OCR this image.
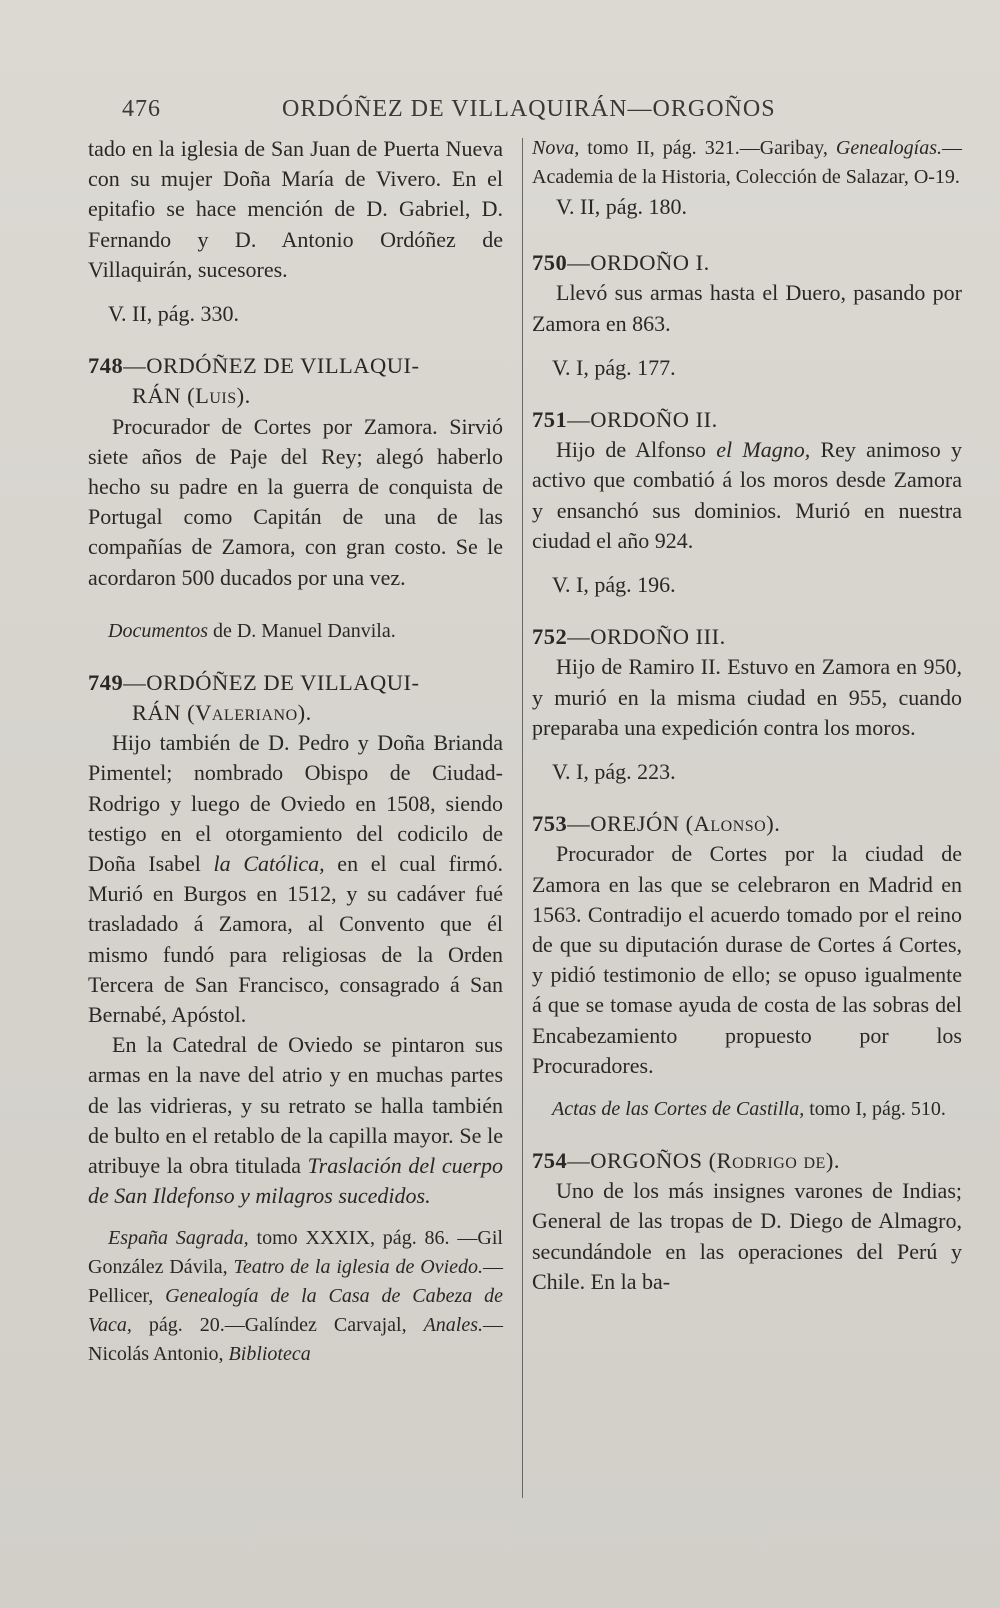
476	ORDÓÑEZ DE VILLAQUIRÁN—ORGOÑOS

tado en la iglesia de San Juan de Puerta Nueva con su mujer Doña María de Vivero. En el epitafio se hace mención de D. Gabriel, D. Fernando y D. Antonio Ordóñez de Villaquirán, sucesores.

V. II, pág. 330.

748—ORDÓÑEZ DE VILLAQUI-
RÁN (Luis).

Procurador de Cortes por Zamora. Sirvió siete años de Paje del Rey; alegó haberlo hecho su padre en la guerra de conquista de Portugal como Capitán de una de las compañías de Zamora, con gran costo. Se le acordaron 500 ducados por una vez.

Documentos de D. Manuel Danvila.

749—ORDÓÑEZ DE VILLAQUI-
RÁN (Valeriano).

Hijo también de D. Pedro y Doña Brianda Pimentel; nombrado Obispo de Ciudad-Rodrigo y luego de Oviedo en 1508, siendo testigo en el otorgamiento del codicilo de Doña Isabel la Católica, en el cual firmó. Murió en Burgos en 1512, y su cadáver fué trasladado á Zamora, al Convento que él mismo fundó para religiosas de la Orden Tercera de San Francisco, consagrado á San Bernabé, Apóstol.

En la Catedral de Oviedo se pintaron sus armas en la nave del atrio y en muchas partes de las vidrieras, y su retrato se halla también de bulto en el retablo de la capilla mayor. Se le atribuye la obra titulada Traslación del cuerpo de San Ildefonso y milagros sucedidos.

España Sagrada, tomo XXXIX, pág. 86. —Gil González Dávila, Teatro de la iglesia de Oviedo.—Pellicer, Genealogía de la Casa de Cabeza de Vaca, pág. 20.—Galíndez Carvajal, Anales.—Nicolás Antonio, Biblioteca

Nova, tomo II, pág. 321.—Garibay, Genealogías.—Academia de la Historia, Colección de Salazar, O-19.

V. II, pág. 180.

750—ORDOÑO I.

Llevó sus armas hasta el Duero, pasando por Zamora en 863.

V. I, pág. 177.

751—ORDOÑO II.

Hijo de Alfonso el Magno, Rey animoso y activo que combatió á los moros desde Zamora y ensanchó sus dominios. Murió en nuestra ciudad el año 924.

V. I, pág. 196.

752—ORDOÑO III.

Hijo de Ramiro II. Estuvo en Zamora en 950, y murió en la misma ciudad en 955, cuando preparaba una expedición contra los moros.

V. I, pág. 223.

753—OREJÓN (Alonso).

Procurador de Cortes por la ciudad de Zamora en las que se celebraron en Madrid en 1563. Contradijo el acuerdo tomado por el reino de que su diputación durase de Cortes á Cortes, y pidió testimonio de ello; se opuso igualmente á que se tomase ayuda de costa de las sobras del Encabezamiento propuesto por los Procuradores.

Actas de las Cortes de Castilla, tomo I, pág. 510.

754—ORGOÑOS (Rodrigo de).

Uno de los más insignes varones de Indias; General de las tropas de D. Diego de Almagro, secundándole en las operaciones del Perú y Chile. En la ba-
